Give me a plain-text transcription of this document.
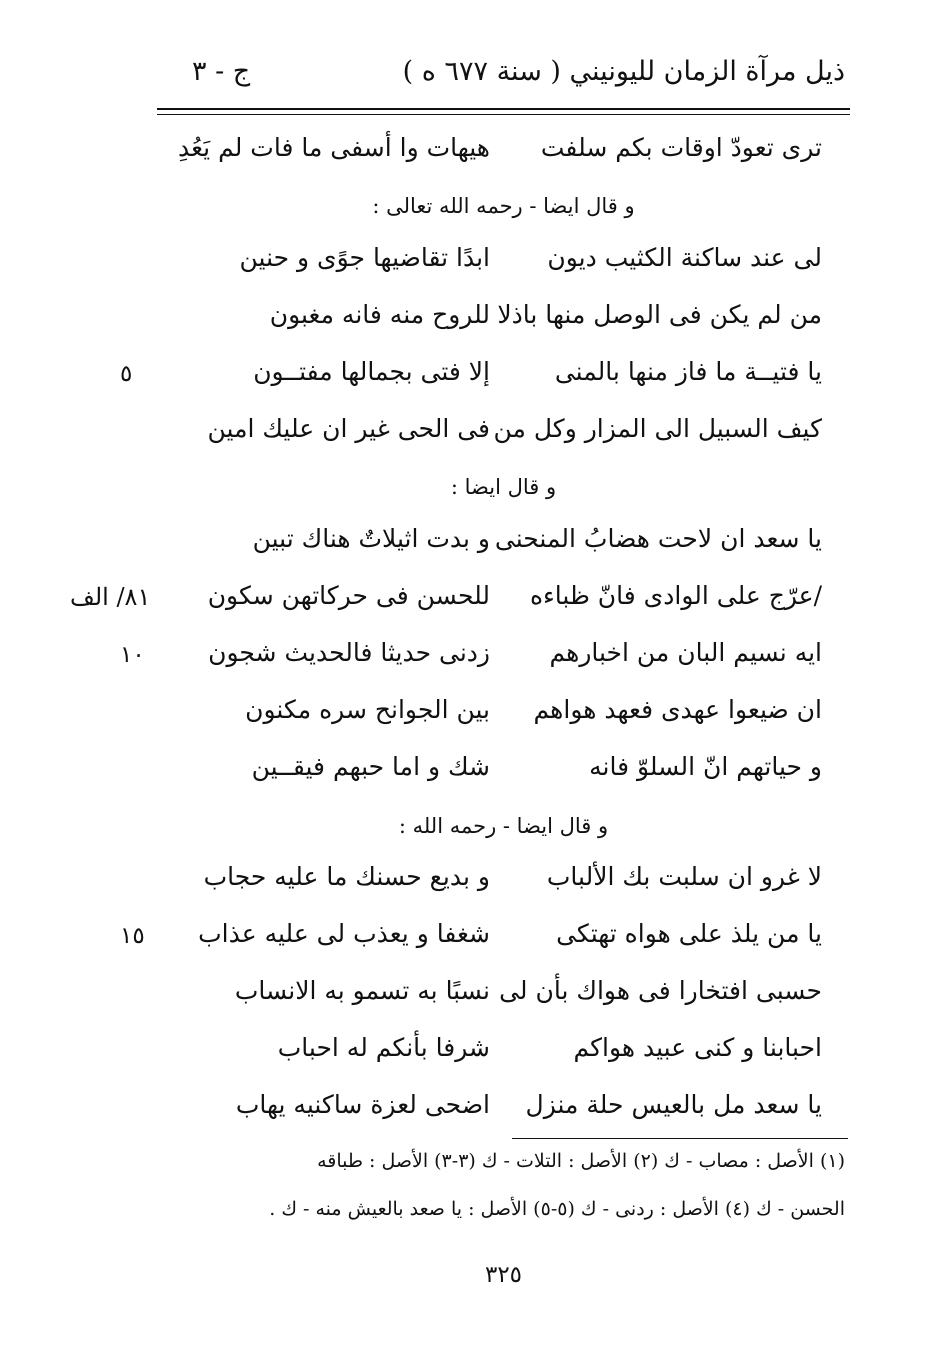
ذيل مرآة الزمان لليونيني ( سنة ٦٧٧ ه ) ‏
ج - ٣
ترى تعودّ اوقات بكم سلفت
هيهات وا أسفى ما فات لم يَعُدِ
و قال ايضا - رحمه الله تعالى :
لى عند ساكنة الكثيب ديون
ابدًا تقاضيها جوًى و حنين
من لم يكن فى الوصل منها باذلا
للروح منه فانه مغبون
يا فتيــة ما فاز منها بالمنى
إلا فتى بجمالها مفتــون
٥
كيف السبيل الى المزار وكل من
فى الحى غير ان عليك امين
و قال ايضا :
يا سعد ان لاحت هضابُ المنحنى
و بدت اثيلاتٌ هناك تبين
/عرّج على الوادى فانّ ظباءه
للحسن فى حركاتهن سكون
٨١/ الف
ايه نسيم البان من اخبارهم
زدنى حديثا فالحديث شجون
١٠
ان ضيعوا عهدى فعهد هواهم
بين الجوانح سره مكنون
و حياتهم انّ السلوّ فانه
شك و اما حبهم فيقــين
و قال ايضا - رحمه الله :
لا غرو ان سلبت بك الألباب
و بديع حسنك ما عليه حجاب
يا من يلذ على هواه تهتكى
شغفا و يعذب لى عليه عذاب
١٥
حسبى افتخارا فى هواك بأن لى
نسبًا به تسمو به الانساب
احبابنا و كنى عبيد هواكم
شرفا بأنكم له احباب
يا سعد مل بالعيس حلة منزل
اضحى لعزة ساكنيه يهاب
(١) الأصل : مصاب - ك (٢) الأصل : التلات - ك (٣-٣) الأصل : طباقه
الحسن - ك (٤) الأصل : ردنى - ك (٥-٥) الأصل : يا صعد بالعيش منه - ك .
٣٢٥
